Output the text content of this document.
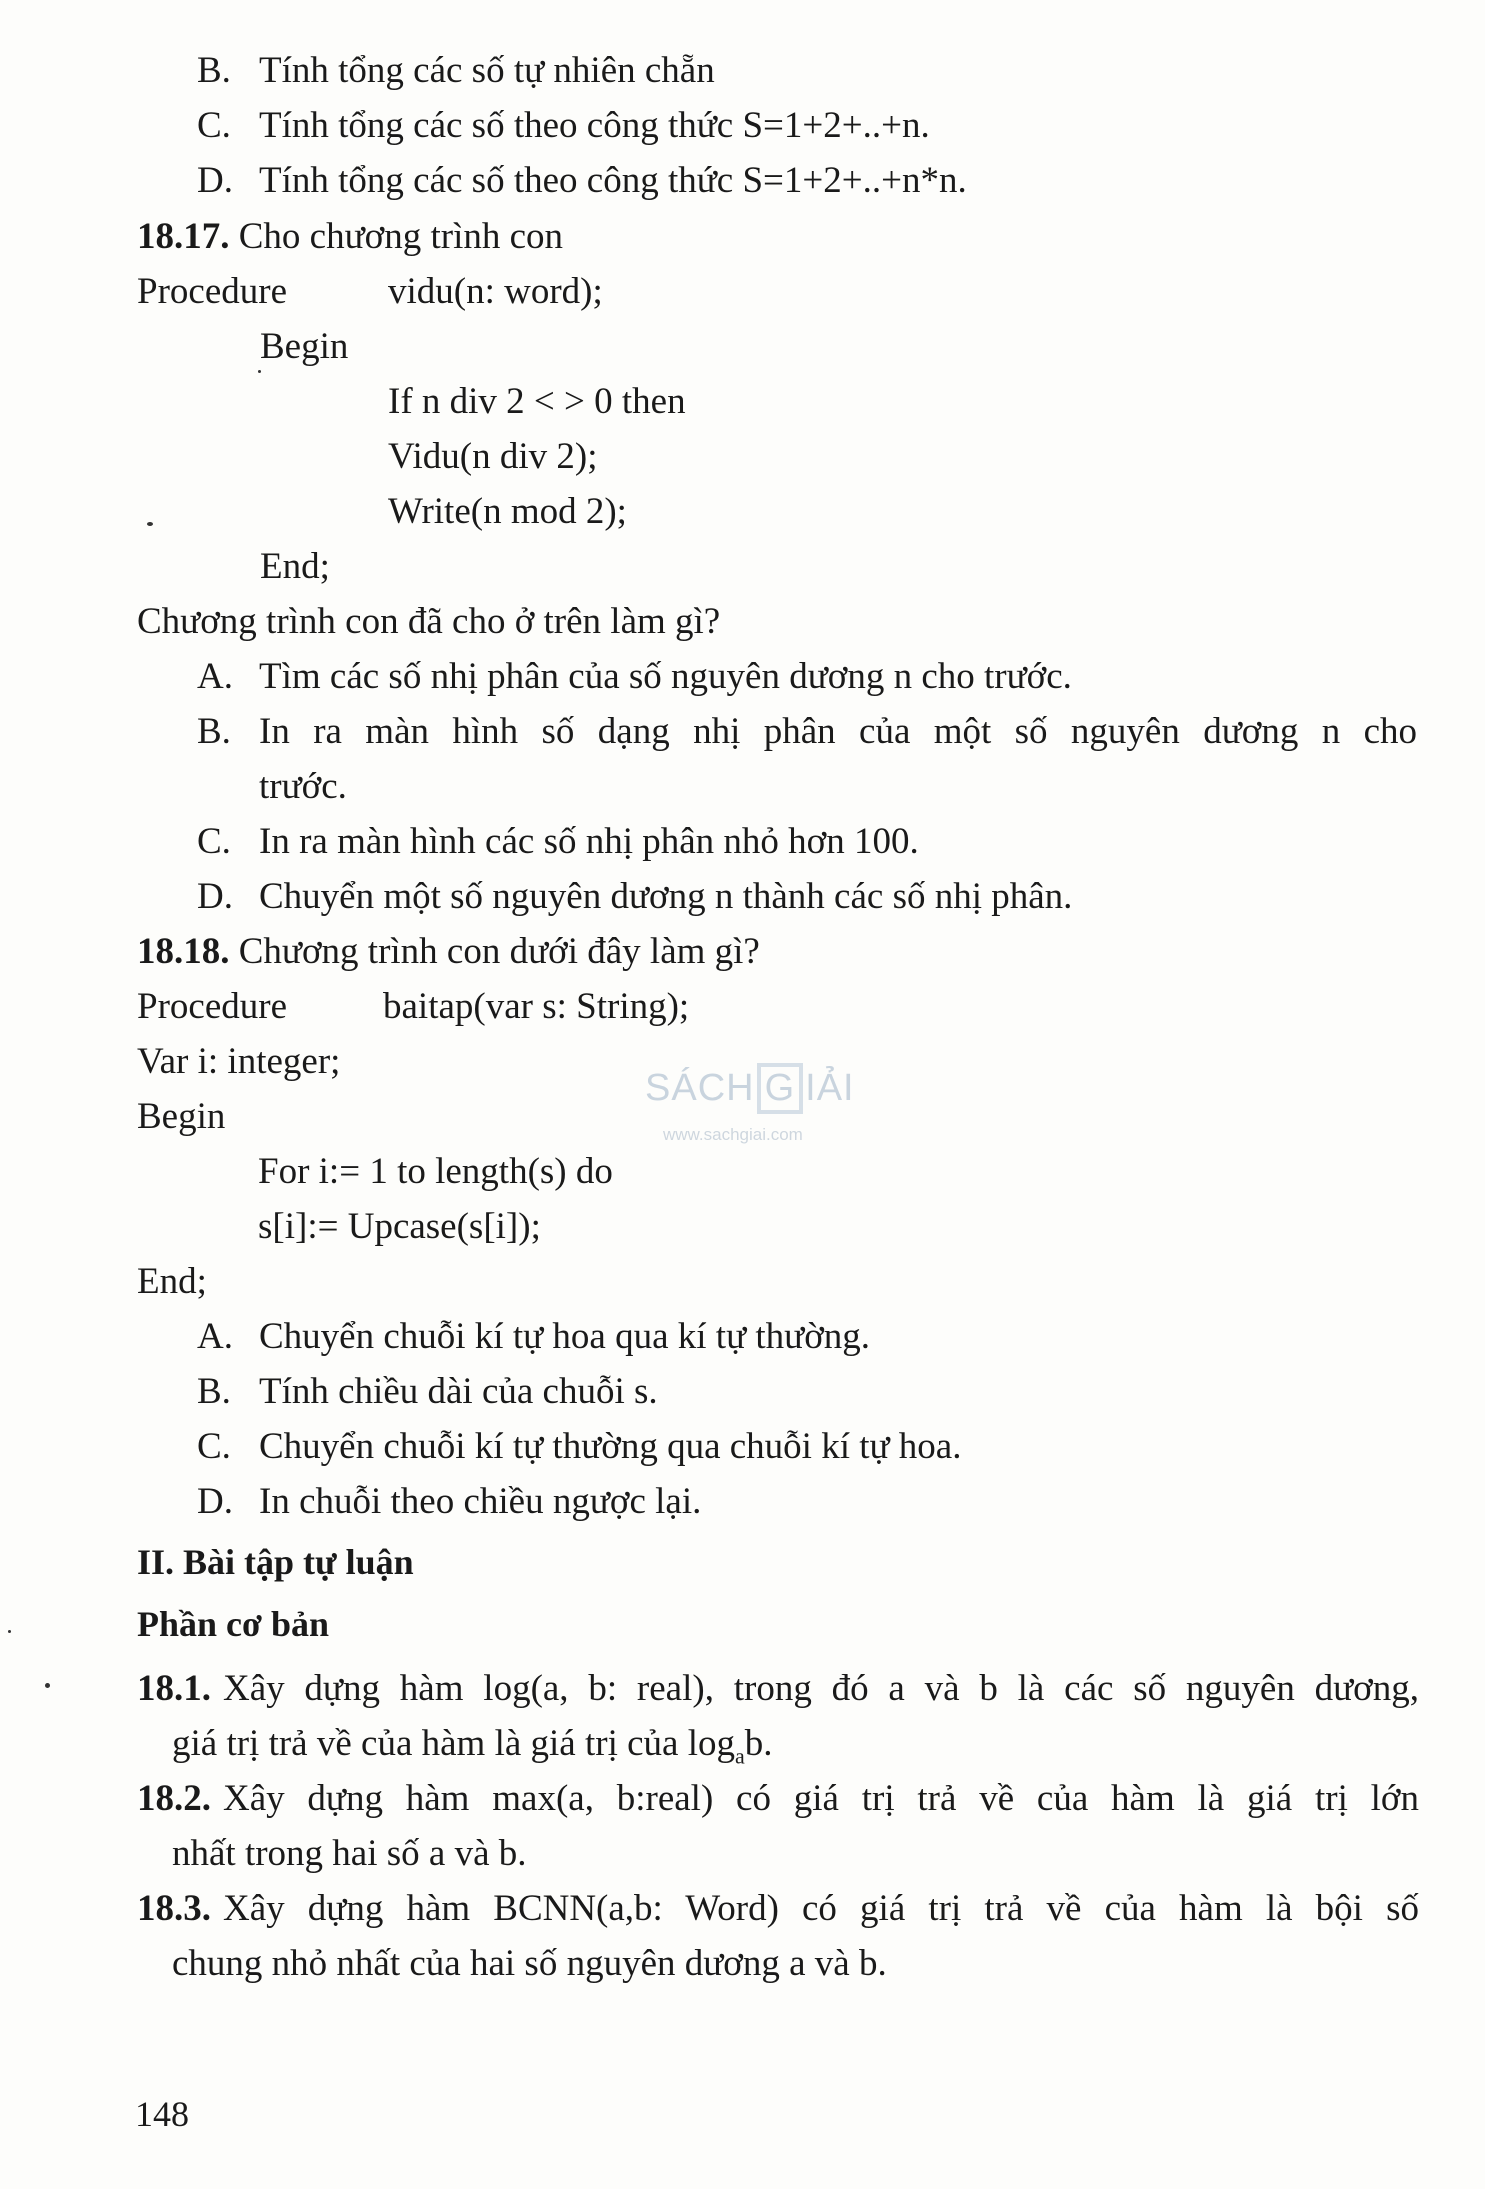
B. Tính tổng các số tự nhiên chẵn
C. Tính tổng các số theo công thức S=1+2+..+n.
D. Tính tổng các số theo công thức S=1+2+..+n*n.
18.17. Cho chương trình con
Procedure	vidu(n: word);
Begin
If n div 2 < > 0 then
Vidu(n div 2);
Write(n mod 2);
End;
Chương trình con đã cho ở trên làm gì?
A. Tìm các số nhị phân của số nguyên dương n cho trước.
B. In ra màn hình số dạng nhị phân của một số nguyên dương n cho
trước.
C. In ra màn hình các số nhị phân nhỏ hơn 100.
D. Chuyển một số nguyên dương n thành các số nhị phân.
18.18. Chương trình con dưới đây làm gì?
Procedure	baitap(var s: String);
Var i: integer;
Begin
For i:= 1 to length(s) do
s[i]:= Upcase(s[i]);
End;
A. Chuyển chuỗi kí tự hoa qua kí tự thường.
B. Tính chiều dài của chuỗi s.
C. Chuyển chuỗi kí tự thường qua chuỗi kí tự hoa.
D. In chuỗi theo chiều ngược lại.
II. Bài tập tự luận
Phần cơ bản
18.1. Xây dựng hàm log(a, b: real), trong đó a và b là các số nguyên dương,
giá trị trả về của hàm là giá trị của $\log_ab$.
18.2. Xây dựng hàm max(a, b:real) có giá trị trả về của hàm là giá trị lớn
nhất trong hai số a và b.
18.3. Xây dựng hàm BCNN(a,b: Word) có giá trị trả về của hàm là bội số
chung nhỏ nhất của hai số nguyên dương a và b.
148
SÁCH G IẢI
www.sachgiai.com
